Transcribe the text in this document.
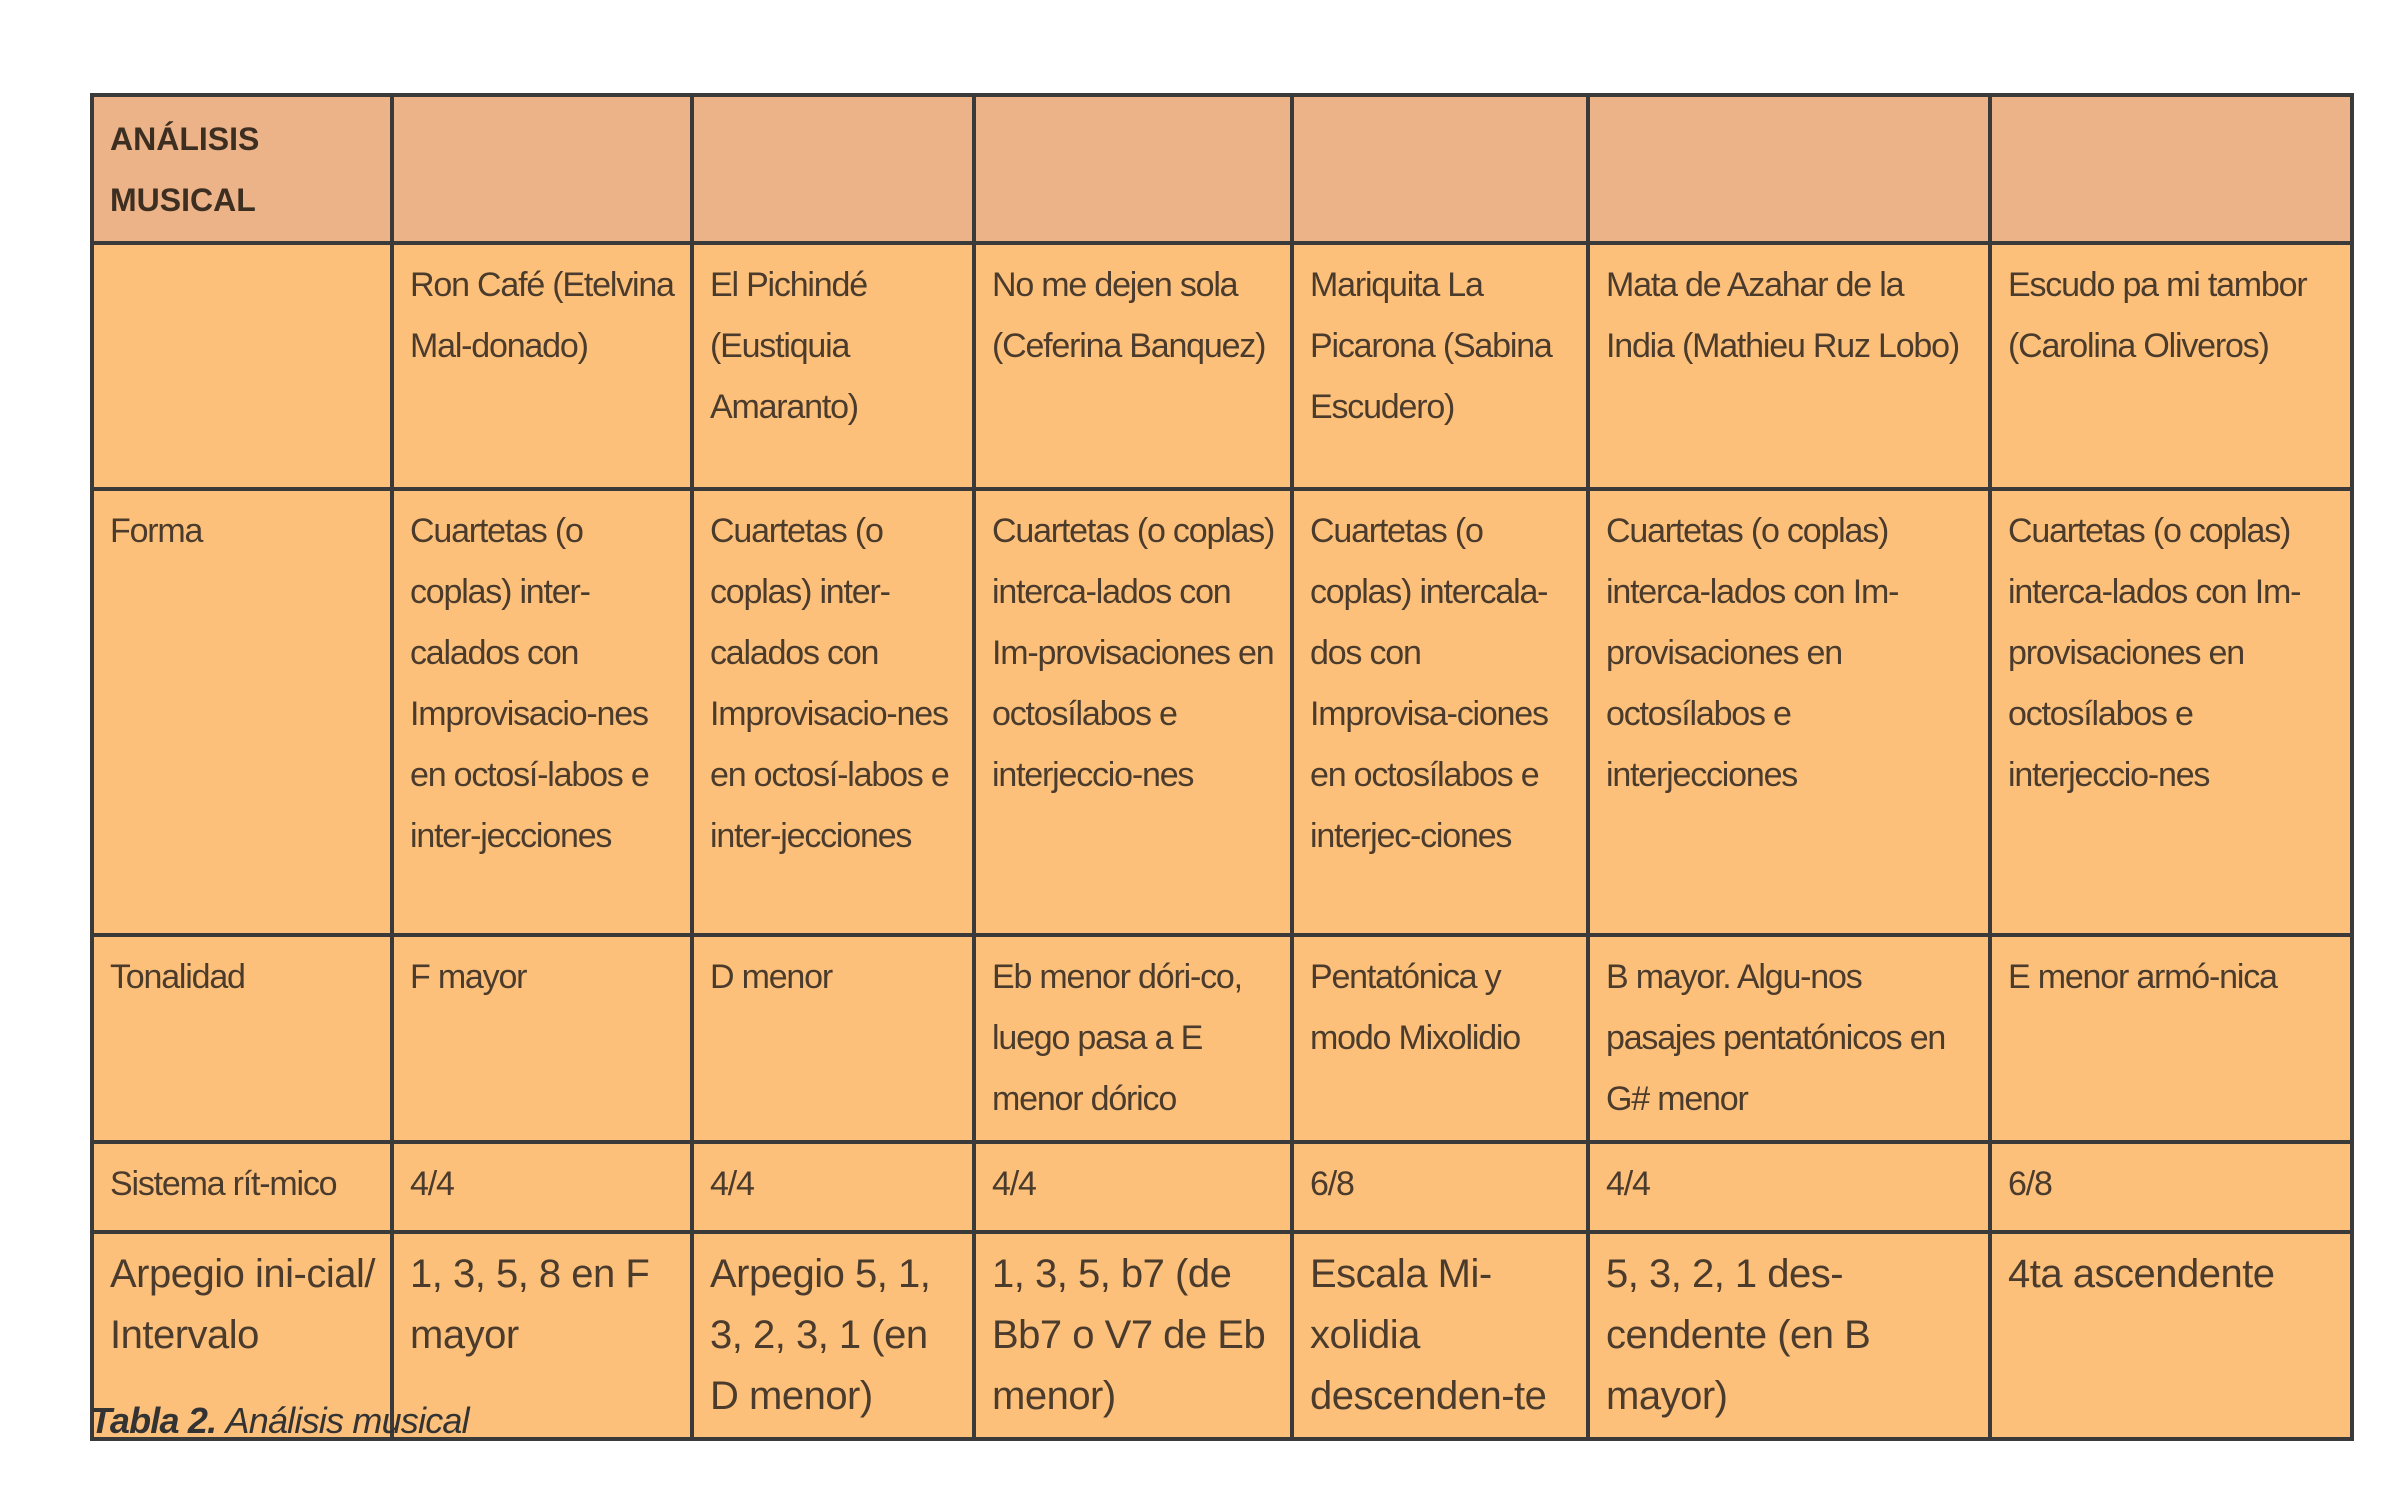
ANÁLISIS
MUSICAL						

	Ron Café (Etelvina Mal-donado)	El Pichindé (Eustiquia Amaranto)	No me dejen sola (Ceferina Banquez)	Mariquita La Picarona (Sabina Escudero)	Mata de Azahar de la India (Mathieu Ruz Lobo)	Escudo pa mi tambor (Carolina Oliveros)
Forma	Cuartetas (o coplas) inter-calados con Improvisacio-nes en octosí-labos e inter-jecciones	Cuartetas (o coplas) inter-calados con Improvisacio-nes en octosí-labos e inter-jecciones	Cuartetas (o coplas) interca-lados con Im-provisaciones en octosílabos e interjeccio-nes	Cuartetas (o coplas) intercala-dos con Improvisa-ciones en octosílabos e interjec-ciones	Cuartetas (o coplas) interca-lados con Im-provisaciones en octosílabos e interjecciones	Cuartetas (o coplas) interca-lados con Im-provisaciones en octosílabos e interjeccio-nes
Tonalidad	F mayor	D menor	Eb menor dóri-co, luego pasa a E menor dórico	Pentatónica y modo Mixolidio	B mayor. Algu-nos pasajes pentatónicos en G# menor	E menor armó-nica
Sistema rít-mico	4/4	4/4	4/4	6/8	4/4	6/8
Arpegio ini-cial/ Intervalo	1, 3, 5, 8 en F mayor	Arpegio 5, 1, 3, 2, 3, 1 (en D menor)	1, 3, 5, b7 (de Bb7 o V7 de Eb menor)	Escala Mi-xolidia descenden-te	5, 3, 2, 1 des-cendente (en B mayor)	4ta ascendente
Tabla 2. Análisis musical
